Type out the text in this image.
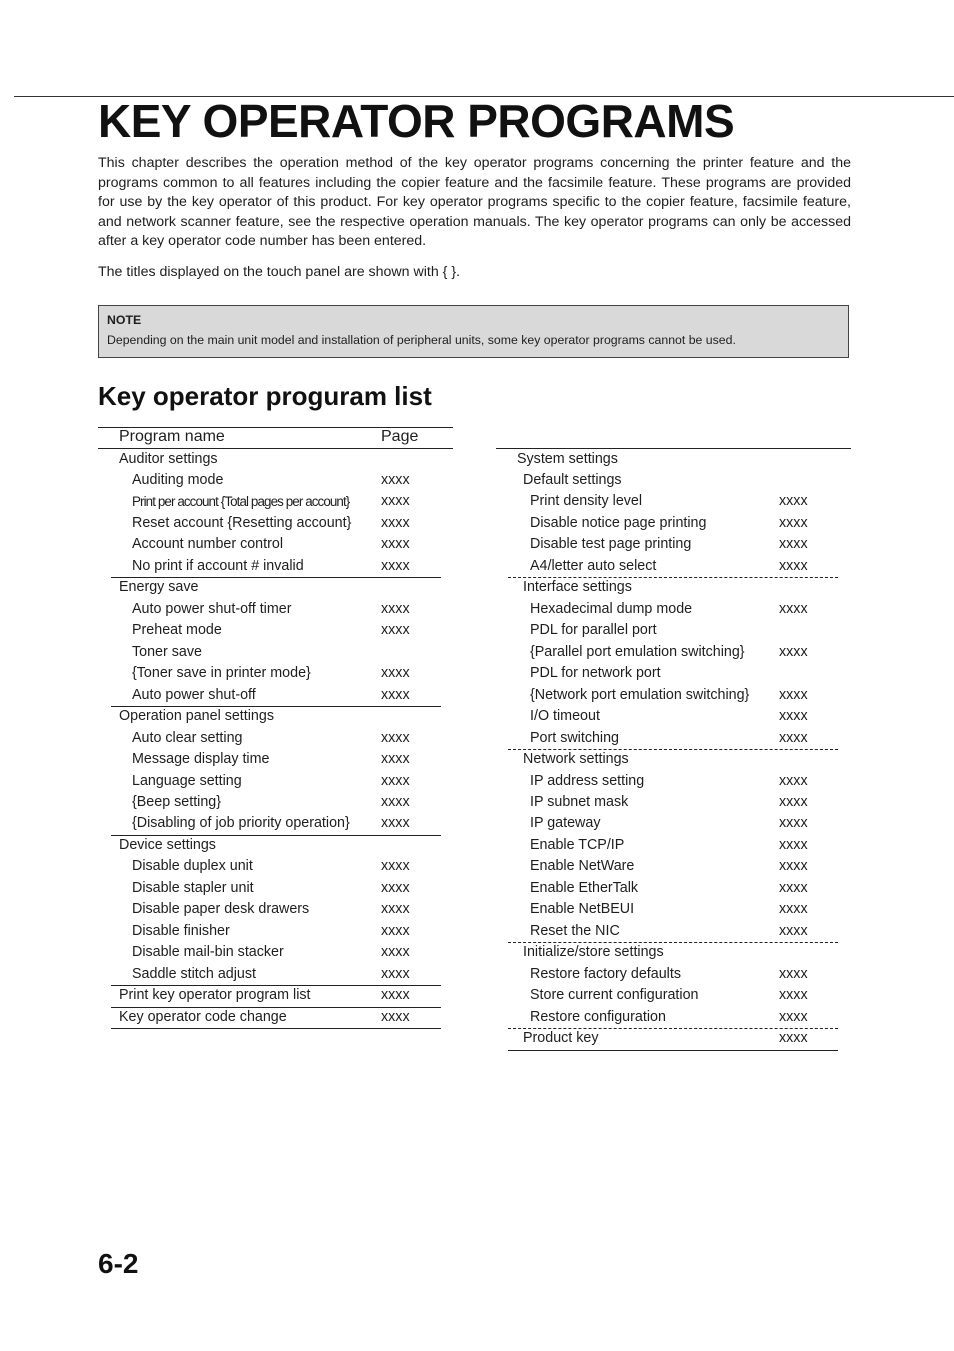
KEY OPERATOR PROGRAMS

This chapter describes the operation method of the key operator programs concerning the printer feature and the programs common to all features including the copier feature and the facsimile feature. These programs are provided for use by the key operator of this product. For key operator programs specific to the copier feature, facsimile feature, and network scanner feature, see the respective operation manuals. The key operator programs can only be accessed after a key operator code number has been entered.

The titles displayed on the touch panel are shown with { }.

NOTE
Depending on the main unit model and installation of peripheral units, some key operator programs cannot be used.
Key operator proguram list
Program name	Page
Auditor settings
Auditing mode	xxxx
Print per account {Total pages per account} xxxx
Reset account {Resetting account} xxxx
Account number control	xxxx
No print if account # invalid	xxxx
Energy save
Auto power shut-off timer	xxxx
Preheat mode	xxxx
Toner save
{Toner save in printer mode}	xxxx
Auto power shut-off	xxxx
Operation panel settings
Auto clear setting	xxxx
Message display time	xxxx
Language setting	xxxx
{Beep setting}	xxxx
{Disabling of job priority operation} xxxx
Device settings
Disable duplex unit	xxxx
Disable stapler unit	xxxx
Disable paper desk drawers	xxxx
Disable finisher	xxxx
Disable mail-bin stacker	xxxx
Saddle stitch adjust	xxxx
Print key operator program list	xxxx
Key operator code change	xxxx
System settings
Default settings
Print density level	xxxx
Disable notice page printing	xxxx
Disable test page printing	xxxx
A4/letter auto select	xxxx
Interface settings
Hexadecimal dump mode	xxxx
PDL for parallel port
{Parallel port emulation switching} xxxx
PDL for network port
{Network port emulation switching} xxxx
I/O timeout	xxxx
Port switching	xxxx
Network settings
IP address setting	xxxx
IP subnet mask	xxxx
IP gateway	xxxx
Enable TCP/IP	xxxx
Enable NetWare	xxxx
Enable EtherTalk	xxxx
Enable NetBEUI	xxxx
Reset the NIC	xxxx
Initialize/store settings
Restore factory defaults	xxxx
Store current configuration	xxxx
Restore configuration	xxxx
Product key	xxxx
6-2
